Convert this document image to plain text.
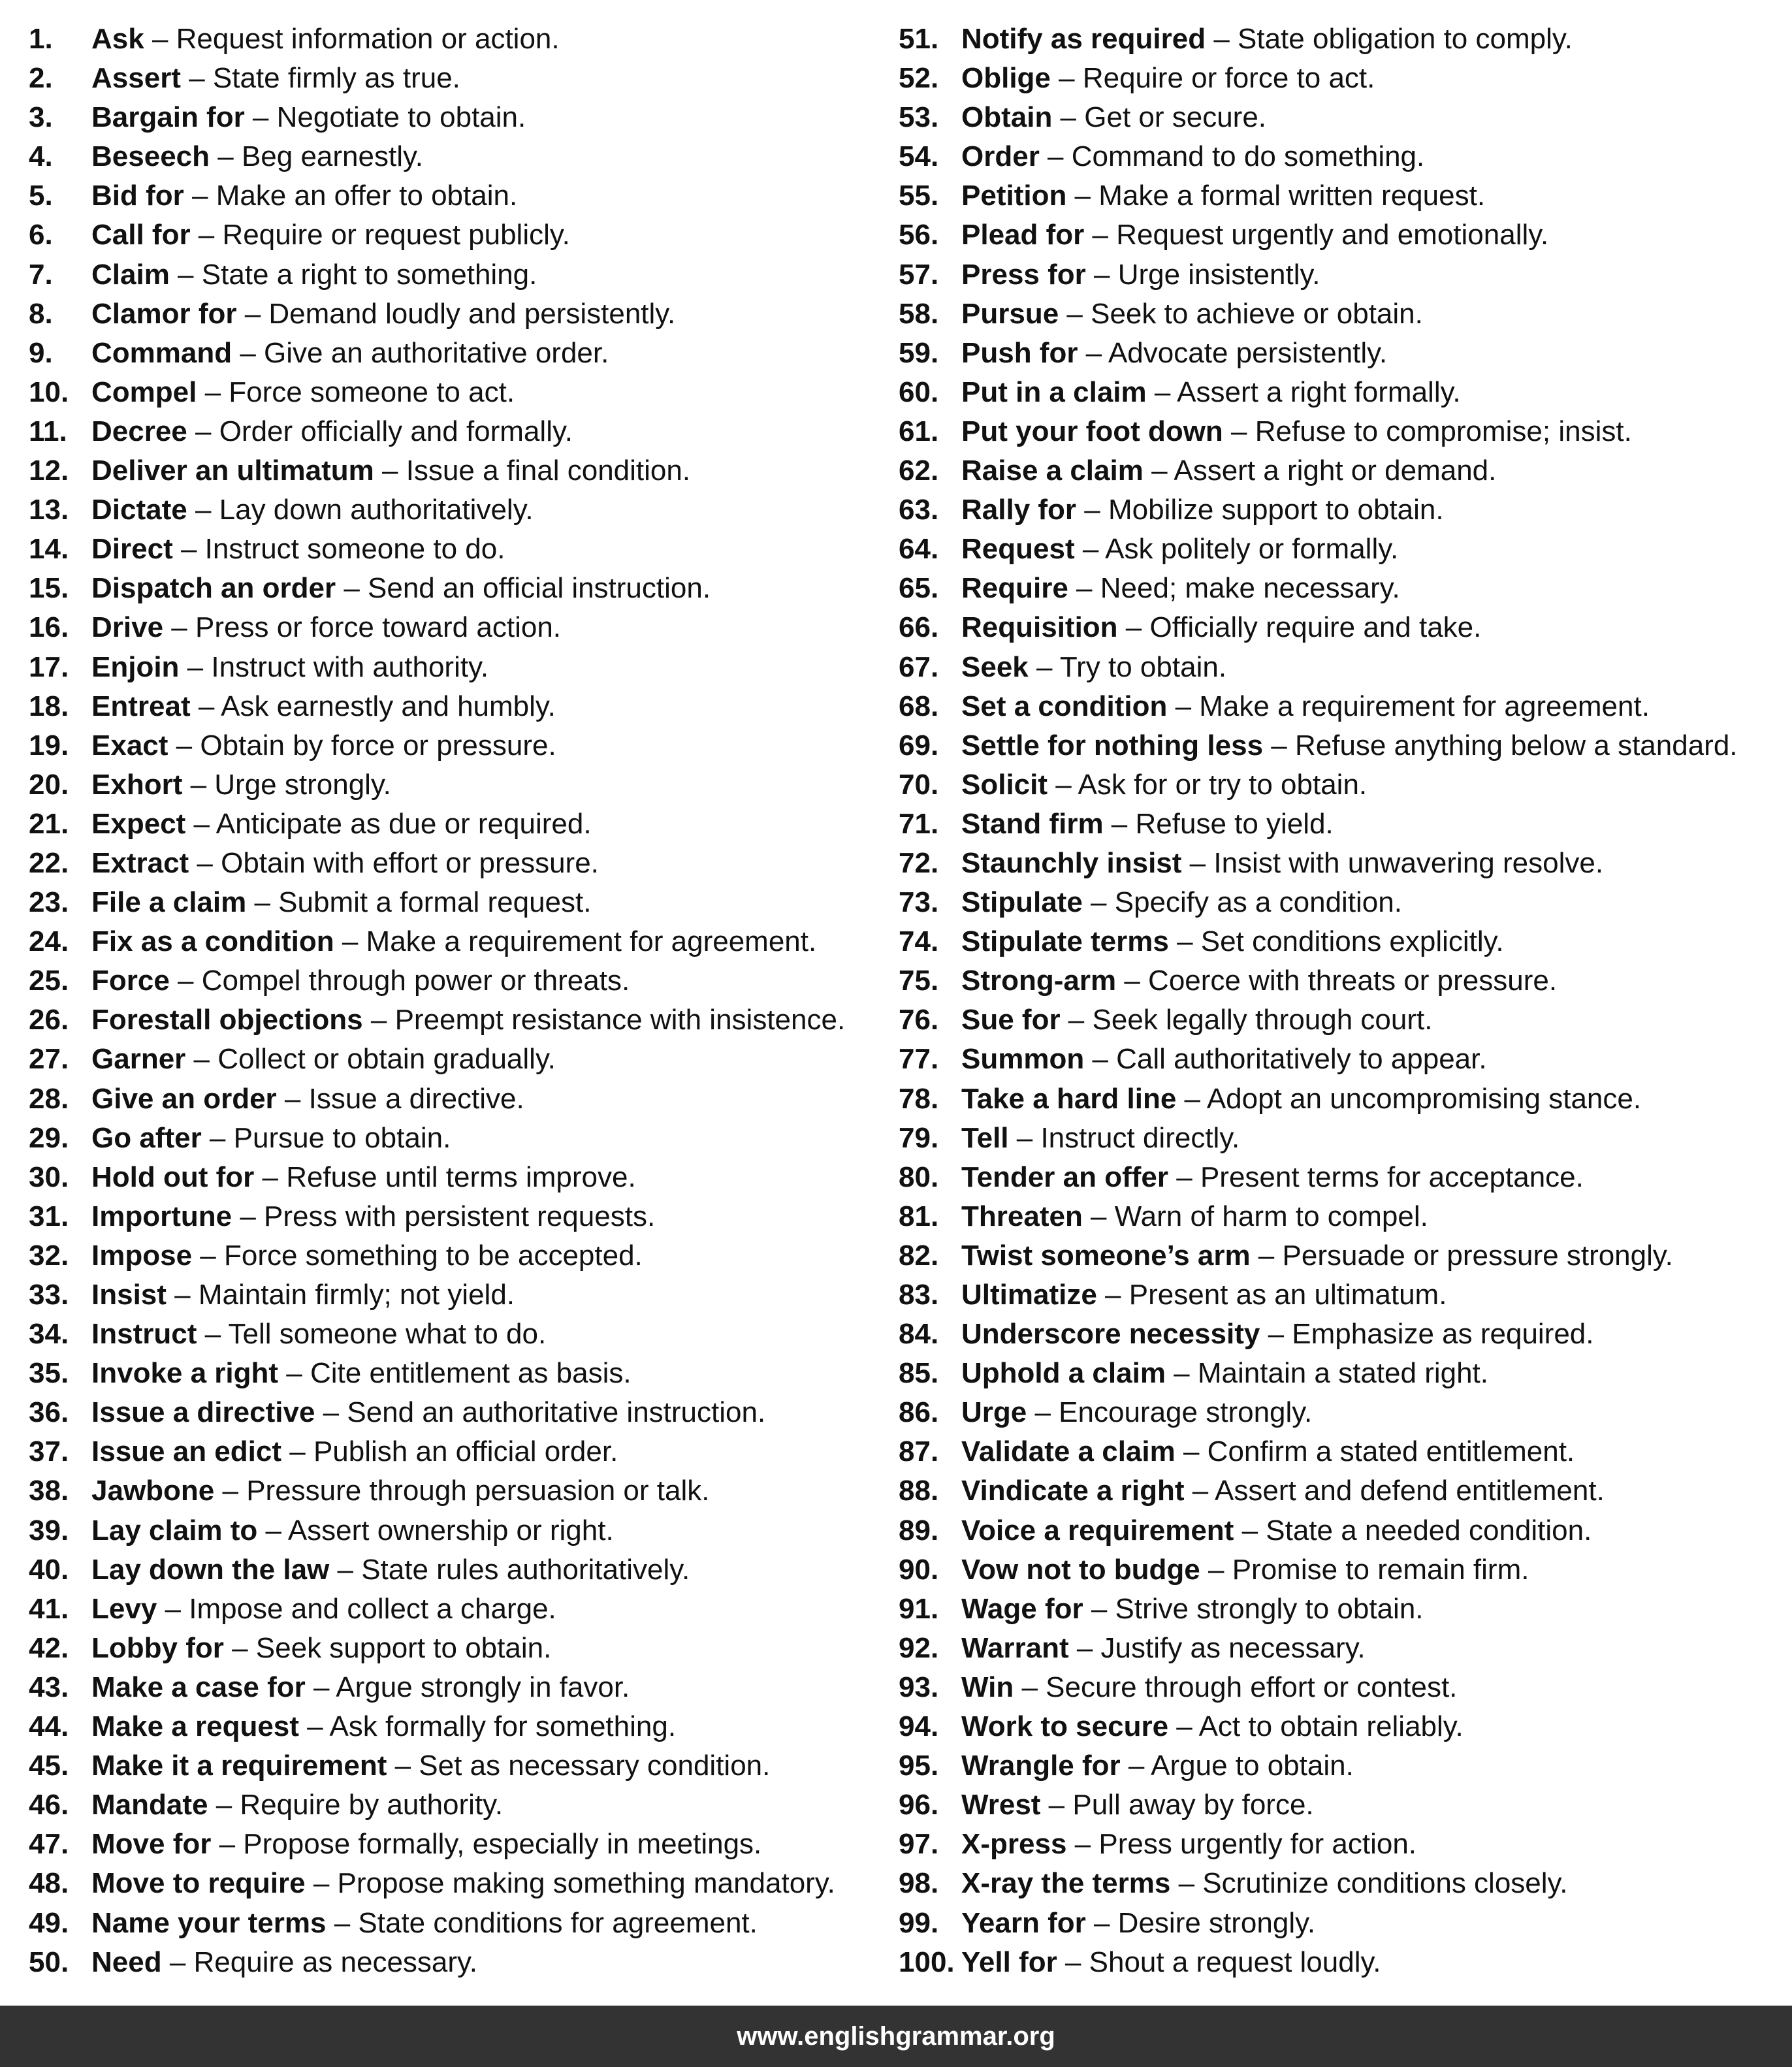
1. Ask – Request information or action.
2. Assert – State firmly as true.
3. Bargain for – Negotiate to obtain.
4. Beseech – Beg earnestly.
5. Bid for – Make an offer to obtain.
6. Call for – Require or request publicly.
7. Claim – State a right to something.
8. Clamor for – Demand loudly and persistently.
9. Command – Give an authoritative order.
10. Compel – Force someone to act.
11. Decree – Order officially and formally.
12. Deliver an ultimatum – Issue a final condition.
13. Dictate – Lay down authoritatively.
14. Direct – Instruct someone to do.
15. Dispatch an order – Send an official instruction.
16. Drive – Press or force toward action.
17. Enjoin – Instruct with authority.
18. Entreat – Ask earnestly and humbly.
19. Exact – Obtain by force or pressure.
20. Exhort – Urge strongly.
21. Expect – Anticipate as due or required.
22. Extract – Obtain with effort or pressure.
23. File a claim – Submit a formal request.
24. Fix as a condition – Make a requirement for agreement.
25. Force – Compel through power or threats.
26. Forestall objections – Preempt resistance with insistence.
27. Garner – Collect or obtain gradually.
28. Give an order – Issue a directive.
29. Go after – Pursue to obtain.
30. Hold out for – Refuse until terms improve.
31. Importune – Press with persistent requests.
32. Impose – Force something to be accepted.
33. Insist – Maintain firmly; not yield.
34. Instruct – Tell someone what to do.
35. Invoke a right – Cite entitlement as basis.
36. Issue a directive – Send an authoritative instruction.
37. Issue an edict – Publish an official order.
38. Jawbone – Pressure through persuasion or talk.
39. Lay claim to – Assert ownership or right.
40. Lay down the law – State rules authoritatively.
41. Levy – Impose and collect a charge.
42. Lobby for – Seek support to obtain.
43. Make a case for – Argue strongly in favor.
44. Make a request – Ask formally for something.
45. Make it a requirement – Set as necessary condition.
46. Mandate – Require by authority.
47. Move for – Propose formally, especially in meetings.
48. Move to require – Propose making something mandatory.
49. Name your terms – State conditions for agreement.
50. Need – Require as necessary.
51. Notify as required – State obligation to comply.
52. Oblige – Require or force to act.
53. Obtain – Get or secure.
54. Order – Command to do something.
55. Petition – Make a formal written request.
56. Plead for – Request urgently and emotionally.
57. Press for – Urge insistently.
58. Pursue – Seek to achieve or obtain.
59. Push for – Advocate persistently.
60. Put in a claim – Assert a right formally.
61. Put your foot down – Refuse to compromise; insist.
62. Raise a claim – Assert a right or demand.
63. Rally for – Mobilize support to obtain.
64. Request – Ask politely or formally.
65. Require – Need; make necessary.
66. Requisition – Officially require and take.
67. Seek – Try to obtain.
68. Set a condition – Make a requirement for agreement.
69. Settle for nothing less – Refuse anything below a standard.
70. Solicit – Ask for or try to obtain.
71. Stand firm – Refuse to yield.
72. Staunchly insist – Insist with unwavering resolve.
73. Stipulate – Specify as a condition.
74. Stipulate terms – Set conditions explicitly.
75. Strong-arm – Coerce with threats or pressure.
76. Sue for – Seek legally through court.
77. Summon – Call authoritatively to appear.
78. Take a hard line – Adopt an uncompromising stance.
79. Tell – Instruct directly.
80. Tender an offer – Present terms for acceptance.
81. Threaten – Warn of harm to compel.
82. Twist someone’s arm – Persuade or pressure strongly.
83. Ultimatize – Present as an ultimatum.
84. Underscore necessity – Emphasize as required.
85. Uphold a claim – Maintain a stated right.
86. Urge – Encourage strongly.
87. Validate a claim – Confirm a stated entitlement.
88. Vindicate a right – Assert and defend entitlement.
89. Voice a requirement – State a needed condition.
90. Vow not to budge – Promise to remain firm.
91. Wage for – Strive strongly to obtain.
92. Warrant – Justify as necessary.
93. Win – Secure through effort or contest.
94. Work to secure – Act to obtain reliably.
95. Wrangle for – Argue to obtain.
96. Wrest – Pull away by force.
97. X-press – Press urgently for action.
98. X-ray the terms – Scrutinize conditions closely.
99. Yearn for – Desire strongly.
100. Yell for – Shout a request loudly.
www.englishgrammar.org
